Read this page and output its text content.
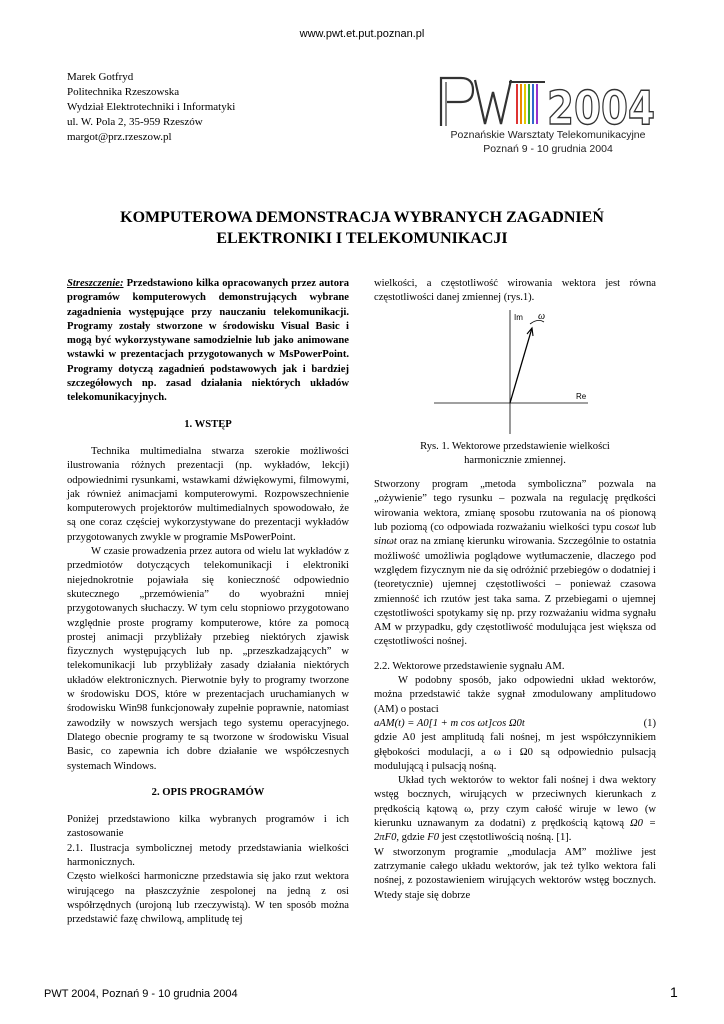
www.pwt.et.put.poznan.pl
Marek Gotfryd
Politechnika Rzeszowska
Wydział Elektrotechniki i Informatyki
ul. W. Pola 2, 35-959 Rzeszów
margot@prz.rzeszow.pl
2004
Poznańskie Warsztaty Telekomunikacyjne
Poznań 9 - 10 grudnia 2004
KOMPUTEROWA DEMONSTRACJA WYBRANYCH ZAGADNIEŃ
ELEKTRONIKI I TELEKOMUNIKACJI

Streszczenie: Przedstawiono kilka opracowanych przez autora programów komputerowych demonstrujących wybrane zagadnienia występujące przy nauczaniu telekomunikacji. Programy zostały stworzone w środowisku Visual Basic i mogą być wykorzystywane samodzielnie lub jako animowane wstawki w prezentacjach przygotowanych w MsPowerPoint. Programy dotyczą zagadnień podstawowych jak i bardziej szczegółowych np. zasad działania niektórych układów telekomunikacyjnych.

1. WSTĘP

Technika multimedialna stwarza szerokie możliwości ilustrowania różnych prezentacji (np. wykładów, lekcji) odpowiednimi rysunkami, wstawkami dźwiękowymi, filmowymi, jak również animacjami komputerowymi. Rozpowszechnienie komputerowych projektorów multimedialnych spowodowało, że są one coraz częściej wykorzystywane do prezentacji wykładów przygotowanych zwykle w programie MsPowerPoint.

W czasie prowadzenia przez autora od wielu lat wykładów z przedmiotów dotyczących telekomunikacji i elektroniki niejednokrotnie pojawiała się konieczność odpowiednio skutecznego „przemówienia” do wyobraźni mniej przygotowanych słuchaczy. W tym celu stopniowo przygotowano względnie proste programy komputerowe, które za pomocą prostej animacji przybliżały przebieg niektórych zjawisk fizycznych występujących lub np. „przeszkadzających” w telekomunikacji lub przybliżały zasady działania niektórych układów elektronicznych. Pierwotnie były to programy tworzone w środowisku DOS, które w prezentacjach uruchamianych w środowisku Win98 funkcjonowały zupełnie poprawnie, natomiast zawodziły w nowszych wersjach tego systemu operacyjnego. Dlatego obecnie programy te są tworzone w środowisku Visual Basic, co zapewnia ich dobre działanie we współczesnych systemach Windows.

2. OPIS PROGRAMÓW

Poniżej przedstawiono kilka wybranych programów i ich zastosowanie

2.1. Ilustracja symbolicznej metody przedstawiania wielkości harmonicznych.

Często wielkości harmoniczne przedstawia się jako rzut wektora wirującego na płaszczyźnie zespolonej na jedną z osi współrzędnych (urojoną lub rzeczywistą). W ten sposób można przedstawić fazę chwilową, amplitudę tej

wielkości, a częstotliwość wirowania wektora jest równa częstotliwości danej zmiennej (rys.1).

Im
Re
ω

Rys. 1. Wektorowe przedstawienie wielkości

harmonicznie zmiennej.

Stworzony program „metoda symboliczna” pozwala na „ożywienie” tego rysunku – pozwala na regulację prędkości wirowania wektora, zmianę sposobu rzutowania na oś pionową lub poziomą (co odpowiada rozważaniu wielkości typu cosωt lub sinωt oraz na zmianę kierunku wirowania. Szczególnie to ostatnia możliwość umożliwia poglądowe wytłumaczenie, dlaczego pod względem fizycznym nie da się odróżnić przebiegów o dodatniej i (teoretycznie) ujemnej częstotliwości – ponieważ czasowa zmienność ich rzutów jest taka sama. Z przebiegami o ujemnej częstotliwości spotykamy się np. przy rozważaniu widma sygnału AM w przypadku, gdy częstotliwość modulująca jest większa od częstotliwości nośnej.

2.2. Wektorowe przedstawienie sygnału AM.

W podobny sposób, jako odpowiedni układ wektorów, można przedstawić także sygnał zmodulowany amplitudowo (AM) o postaci

aAM(t) = A0[1 + m cos ωt]cos Ω0t	(1)

gdzie A0 jest amplitudą fali nośnej, m jest współczynnikiem głębokości modulacji, a ω i Ω0 są odpowiednio pulsacją modulującą i pulsacją nośną.

Układ tych wektorów to wektor fali nośnej i dwa wektory wstęg bocznych, wirujących w przeciwnych kierunkach z prędkością kątową ω, przy czym całość wiruje w lewo (w kierunku uznawanym za dodatni) z prędkością kątową Ω0 = 2πF0, gdzie F0 jest częstotliwością nośną. [1].

W stworzonym programie „modulacja AM” możliwe jest zatrzymanie całego układu wektorów, jak też tylko wektora fali nośnej, z pozostawieniem wirujących wektorów wstęg bocznych. Wtedy staje się dobrze

PWT 2004, Poznań 9 - 10 grudnia 2004	1
